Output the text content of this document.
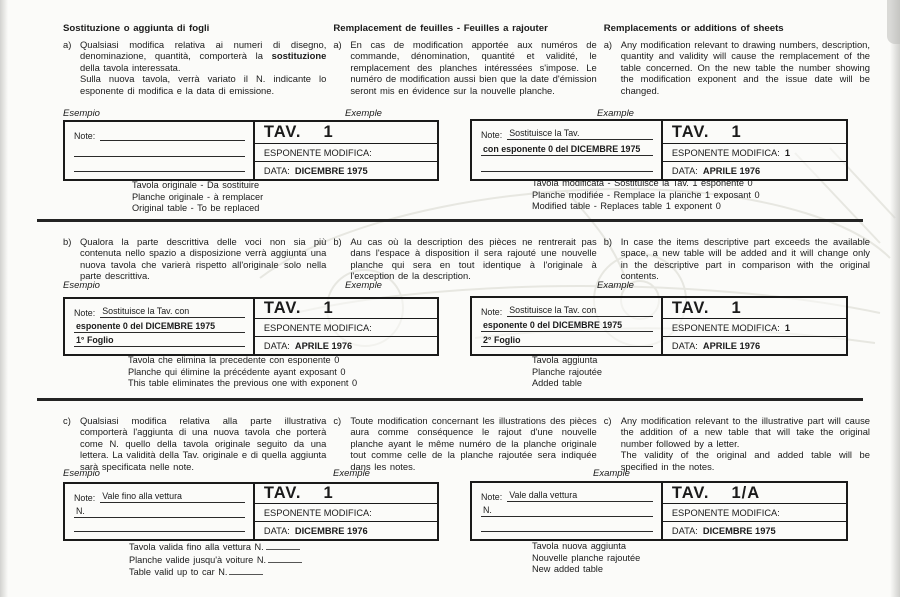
Sostituzione o aggiunta di fogli
a) Qualsiasi modifica relativa ai numeri di disegno, denominazione, quantità, comporterà la sostituzione della tavola interessata.
Sulla nuova tavola, verrà variato il N. indicante lo esponente di modifica e la data di emissione.
Remplacement de feuilles - Feuilles a rajouter
a) En cas de modification apportée aux numéros de commande, dénomination, quantité et validité, le remplacement des planches intéressées s'impose. Le numéro de modification aussi bien que la date d'émission seront mis en évidence sur la nouvelle planche.
Remplacements or additions of sheets
a) Any modification relevant to drawing numbers, description, quantity and validity will cause the remplacement of the table concerned. On the new table the number showing the modification exponent and the issue date will be changed.
Esempio	Exemple	Example
Note:	TAV. 1
ESPONENTE MODIFICA:
DATA: DICEMBRE 1975
Note: Sostituisce la Tav.
con esponente 0 del DICEMBRE 1975
TAV. 1
ESPONENTE MODIFICA: 1
DATA: APRILE 1976
Tavola originale - Da sostituire
Planche originale - à remplacer
Original table - To be replaced
Tavola modificata - Sostituisce la Tav. 1 esponente 0
Planche modifiée - Remplace la planche 1 exposant 0
Modified table - Replaces table 1 exponent 0
b) Qualora la parte descrittiva delle voci non sia più contenuta nello spazio a disposizione verrà aggiunta una nuova tavola che varierà rispetto all'originale solo nella parte descrittiva.
b) Au cas où la description des pièces ne rentrerait pas dans l'espace à disposition il sera rajouté une nouvelle planche qui sera en tout identique à l'originale à l'exception de la description.
b) In case the items descriptive part exceeds the available space, a new table will be added and it will change only in the descriptive part in comparison with the original contents.
Esempio	Exemple	Example
Note: Sostituisce la Tav. con
esponente 0 del DICEMBRE 1975
1° Foglio
TAV. 1
ESPONENTE MODIFICA:
DATA: APRILE 1976
Note: Sostituisce la Tav. con
esponente 0 del DICEMBRE 1975
2° Foglio
TAV. 1
ESPONENTE MODIFICA: 1
DATA: APRILE 1976
Tavola che elimina la precedente con esponente 0
Planche qui élimine la précédente ayant exposant 0
This table eliminates the previous one with exponent 0
Tavola aggiunta
Planche rajoutée
Added table
c) Qualsiasi modifica relativa alla parte illustrativa comporterà l'aggiunta di una nuova tavola che porterà come N. quello della tavola originale seguito da una lettera. La validità della Tav. originale e di quella aggiunta sarà specificata nelle note.
c) Toute modification concernant les illustrations des pièces aura comme conséquence le rajout d'une nouvelle planche ayant le même numéro de la planche originale tout comme celle de la planche rajoutée sera indiquée dans les notes.
c) Any modification relevant to the illustrative part will cause the addition of a new table that will take the original number followed by a letter.
The validity of the original and added table will be specified in the notes.
Esempio	Exemple	Example
Note: Vale fino alla vettura
N.
TAV. 1
ESPONENTE MODIFICA:
DATA: DICEMBRE 1976
Note: Vale dalla vettura
N.
TAV. 1/A
ESPONENTE MODIFICA:
DATA: DICEMBRE 1975
Tavola valida fino alla vettura N.
Planche valide jusqu'à voiture N.
Table valid up to car N.
Tavola nuova aggiunta
Nouvelle planche rajoutée
New added table
